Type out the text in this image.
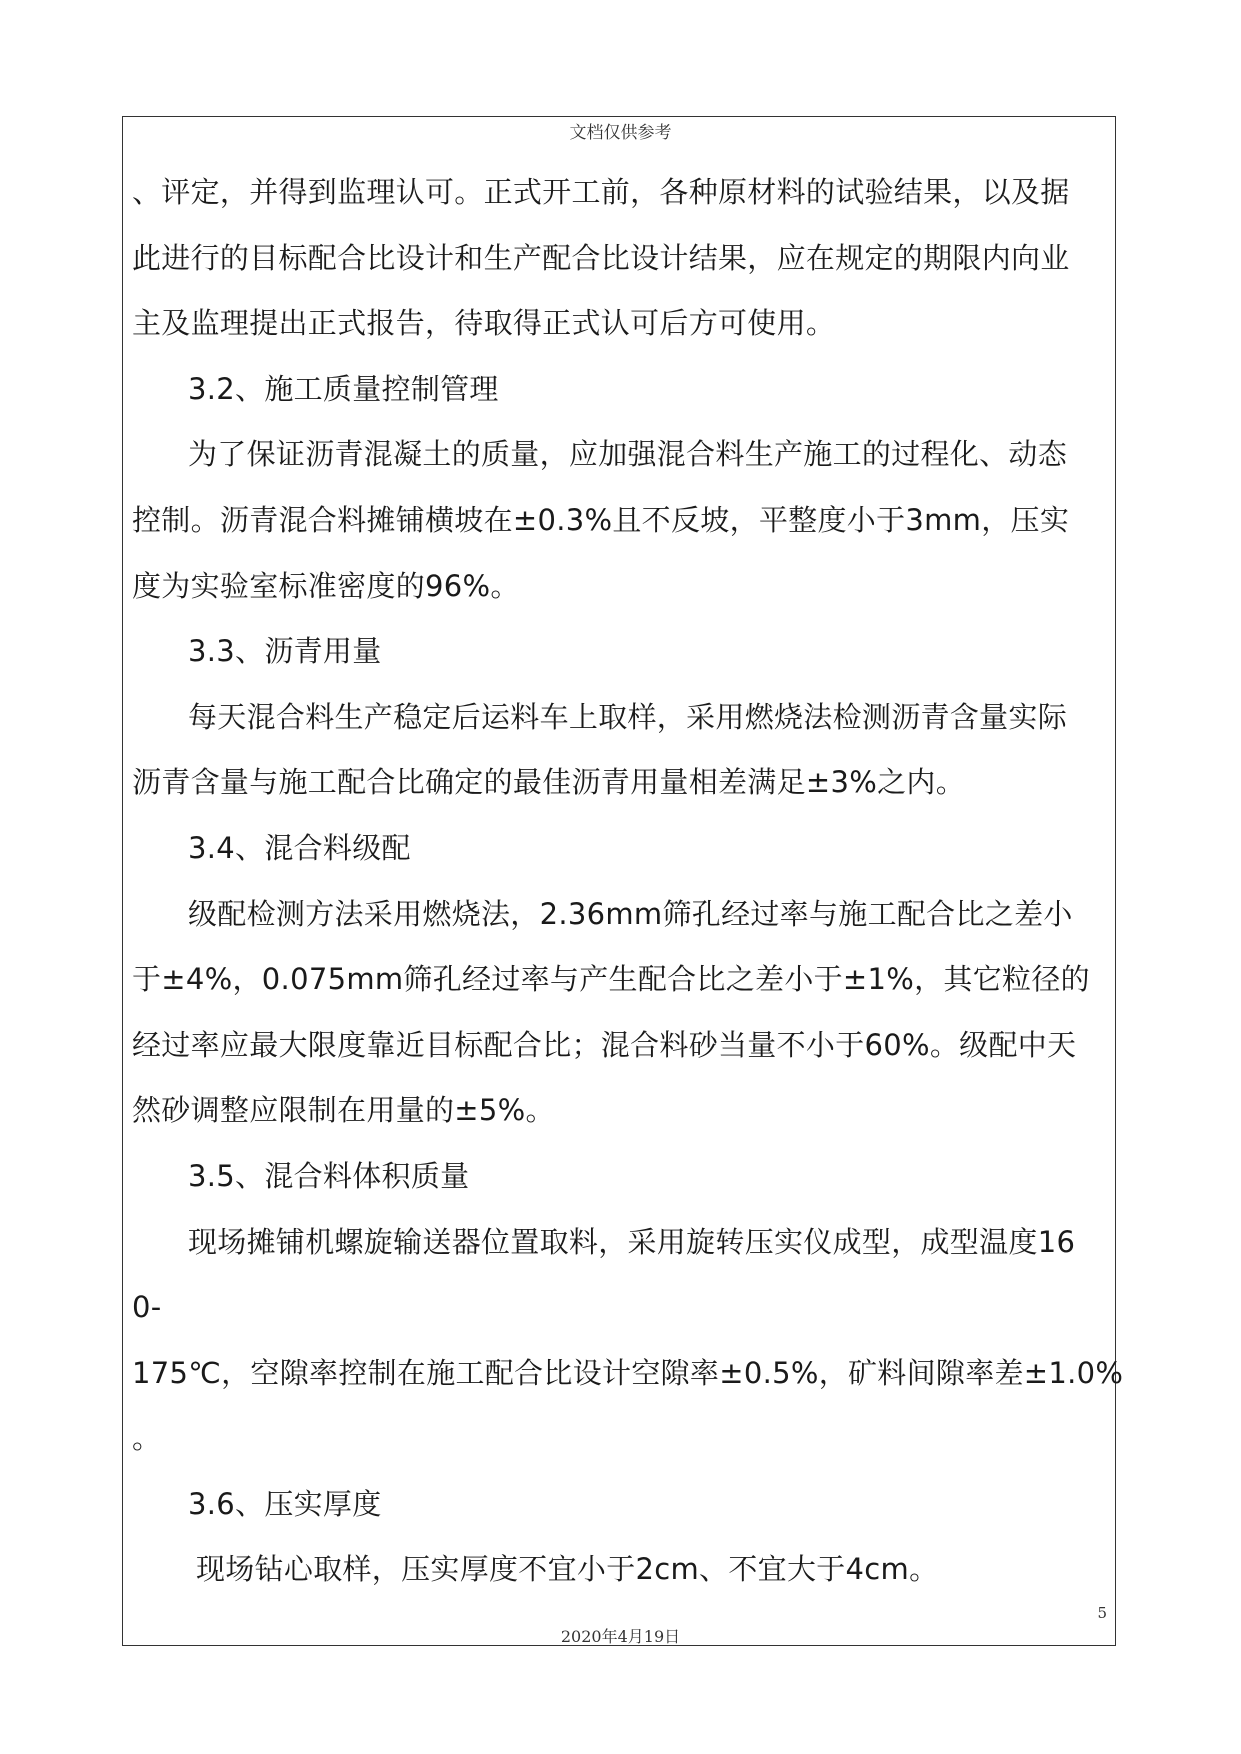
文档仅供参考
、评定，并得到监理认可。正式开工前，各种原材料的试验结果，以及据
此进行的目标配合比设计和生产配合比设计结果，应在规定的期限内向业
主及监理提出正式报告，待取得正式认可后方可使用。
3.2、施工质量控制管理
为了保证沥青混凝土的质量，应加强混合料生产施工的过程化、动态
控制。沥青混合料摊铺横坡在±0.3%且不反坡，平整度小于3mm，压实
度为实验室标准密度的96%。
3.3、沥青用量
每天混合料生产稳定后运料车上取样，采用燃烧法检测沥青含量实际
沥青含量与施工配合比确定的最佳沥青用量相差满足±3%之内。
3.4、混合料级配
级配检测方法采用燃烧法，2.36mm筛孔经过率与施工配合比之差小
于±4%，0.075mm筛孔经过率与产生配合比之差小于±1%，其它粒径的
经过率应最大限度靠近目标配合比；混合料砂当量不小于60%。级配中天
然砂调整应限制在用量的±5%。
3.5、混合料体积质量
现场摊铺机螺旋输送器位置取料，采用旋转压实仪成型，成型温度16
0-
175℃，空隙率控制在施工配合比设计空隙率±0.5%，矿料间隙率差±1.0%
。
3.6、压实厚度
现场钻心取样，压实厚度不宜小于2cm、不宜大于4cm。
5
2020年4月19日
